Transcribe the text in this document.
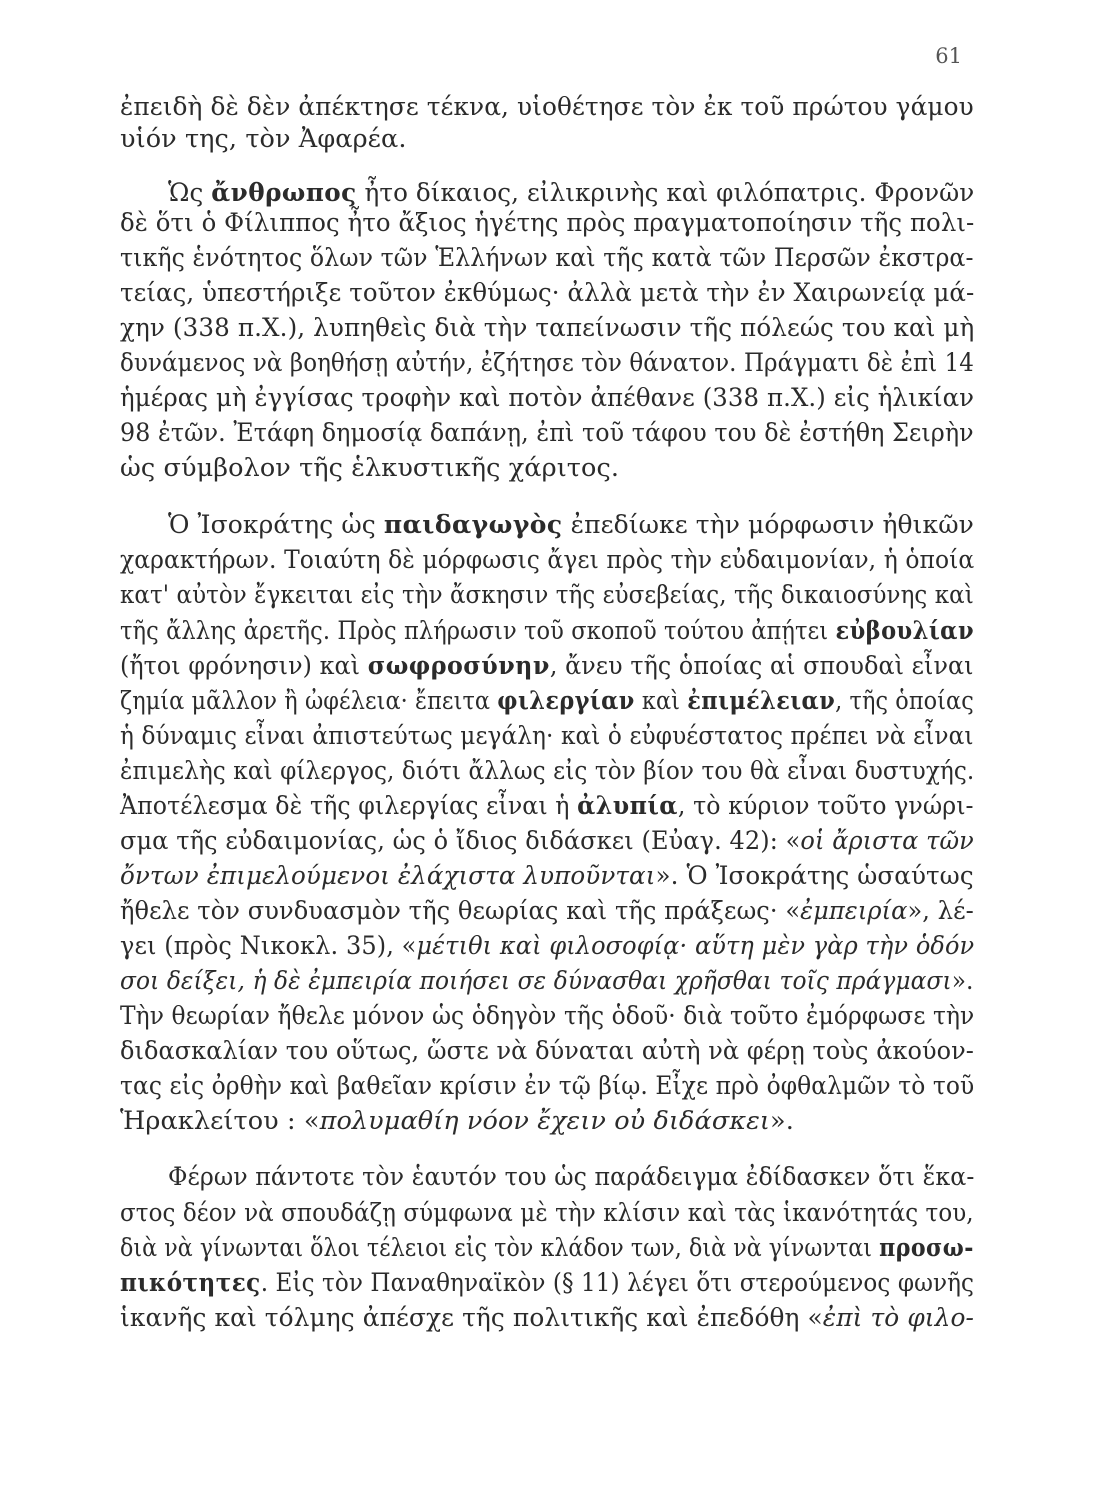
61
ἐπειδὴ δὲ δὲν ἀπέκτησε τέκνα, υἱοθέτησε τὸν ἐκ τοῦ πρώτου γάμου
υἱόν της, τὸν Ἀφαρέα.
Ὡς ἄνθρωπος ἦτο δίκαιος, εἰλικρινὴς καὶ φιλόπατρις. Φρονῶν
δὲ ὅτι ὁ Φίλιππος ἦτο ἄξιος ἡγέτης πρὸς πραγματοποίησιν τῆς πολι-
τικῆς ἑνότητος ὅλων τῶν Ἑλλήνων καὶ τῆς κατὰ τῶν Περσῶν ἐκστρα-
τείας, ὑπεστήριξε τοῦτον ἐκθύμως· ἀλλὰ μετὰ τὴν ἐν Χαιρωνείᾳ μά-
χην (338 π.Χ.), λυπηθεὶς διὰ τὴν ταπείνωσιν τῆς πόλεώς του καὶ μὴ
δυνάμενος νὰ βοηθήσῃ αὐτήν, ἐζήτησε τὸν θάνατον. Πράγματι δὲ ἐπὶ 14
ἡμέρας μὴ ἐγγίσας τροφὴν καὶ ποτὸν ἀπέθανε (338 π.Χ.) εἰς ἡλικίαν
98 ἐτῶν. Ἐτάφη δημοσίᾳ δαπάνῃ, ἐπὶ τοῦ τάφου του δὲ ἐστήθη Σειρὴν
ὡς σύμβολον τῆς ἑλκυστικῆς χάριτος.
Ὁ Ἰσοκράτης ὡς παιδαγωγὸς ἐπεδίωκε τὴν μόρφωσιν ἠθικῶν
χαρακτήρων. Τοιαύτη δὲ μόρφωσις ἄγει πρὸς τὴν εὐδαιμονίαν, ἡ ὁποία
κατ' αὐτὸν ἔγκειται εἰς τὴν ἄσκησιν τῆς εὐσεβείας, τῆς δικαιοσύνης καὶ
τῆς ἄλλης ἀρετῆς. Πρὸς πλήρωσιν τοῦ σκοποῦ τούτου ἀπῄτει εὐβουλίαν
(ἤτοι φρόνησιν) καὶ σωφροσύνην, ἄνευ τῆς ὁποίας αἱ σπουδαὶ εἶναι
ζημία μᾶλλον ἢ ὠφέλεια· ἔπειτα φιλεργίαν καὶ ἐπιμέλειαν, τῆς ὁποίας
ἡ δύναμις εἶναι ἀπιστεύτως μεγάλη· καὶ ὁ εὐφυέστατος πρέπει νὰ εἶναι
ἐπιμελὴς καὶ φίλεργος, διότι ἄλλως εἰς τὸν βίον του θὰ εἶναι δυστυχής.
Ἀποτέλεσμα δὲ τῆς φιλεργίας εἶναι ἡ ἀλυπία, τὸ κύριον τοῦτο γνώρι-
σμα τῆς εὐδαιμονίας, ὡς ὁ ἴδιος διδάσκει (Εὐαγ. 42): «οἱ ἄριστα τῶν
ὄντων ἐπιμελούμενοι ἐλάχιστα λυποῦνται». Ὁ Ἰσοκράτης ὡσαύτως
ἤθελε τὸν συνδυασμὸν τῆς θεωρίας καὶ τῆς πράξεως· «ἐμπειρία», λέ-
γει (πρὸς Νικοκλ. 35), «μέτιθι καὶ φιλοσοφίᾳ· αὕτη μὲν γὰρ τὴν ὁδόν
σοι δείξει, ἡ δὲ ἐμπειρία ποιήσει σε δύνασθαι χρῆσθαι τοῖς πράγμασι».
Τὴν θεωρίαν ἤθελε μόνον ὡς ὁδηγὸν τῆς ὁδοῦ· διὰ τοῦτο ἐμόρφωσε τὴν
διδασκαλίαν του οὕτως, ὥστε νὰ δύναται αὐτὴ νὰ φέρῃ τοὺς ἀκούον-
τας εἰς ὀρθὴν καὶ βαθεῖαν κρίσιν ἐν τῷ βίῳ. Εἶχε πρὸ ὀφθαλμῶν τὸ τοῦ
Ἡρακλείτου : «πολυμαθίη νόον ἔχειν οὐ διδάσκει».
Φέρων πάντοτε τὸν ἑαυτόν του ὡς παράδειγμα ἐδίδασκεν ὅτι ἕκα-
στος δέον νὰ σπουδάζῃ σύμφωνα μὲ τὴν κλίσιν καὶ τὰς ἱκανότητάς του,
διὰ νὰ γίνωνται ὅλοι τέλειοι εἰς τὸν κλάδον των, διὰ νὰ γίνωνται προσω-
πικότητες. Εἰς τὸν Παναθηναϊκὸν (§ 11) λέγει ὅτι στερούμενος φωνῆς
ἱκανῆς καὶ τόλμης ἀπέσχε τῆς πολιτικῆς καὶ ἐπεδόθη «ἐπὶ τὸ φιλο-
